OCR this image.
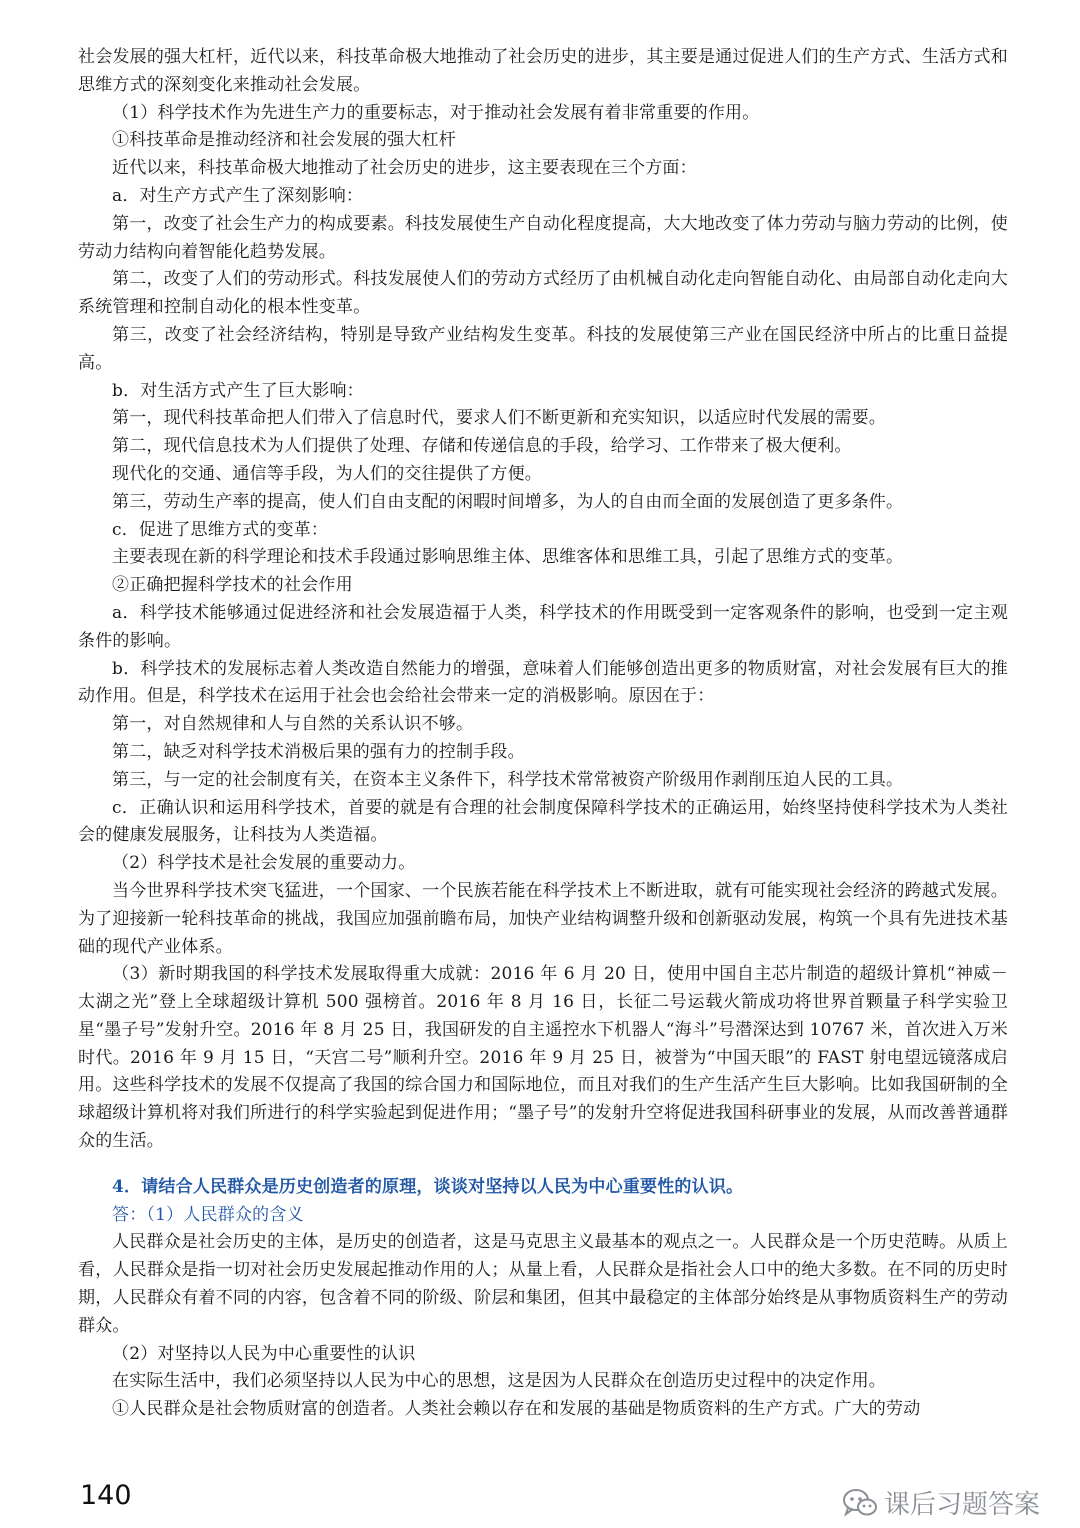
社会发展的强大杠杆，近代以来，科技革命极大地推动了社会历史的进步，其主要是通过促进人们的生产方式、生活方式和思维方式的深刻变化来推动社会发展。

（1）科学技术作为先进生产力的重要标志，对于推动社会发展有着非常重要的作用。

①科技革命是推动经济和社会发展的强大杠杆

近代以来，科技革命极大地推动了社会历史的进步，这主要表现在三个方面：

a．对生产方式产生了深刻影响：

第一，改变了社会生产力的构成要素。科技发展使生产自动化程度提高，大大地改变了体力劳动与脑力劳动的比例，使劳动力结构向着智能化趋势发展。

第二，改变了人们的劳动形式。科技发展使人们的劳动方式经历了由机械自动化走向智能自动化、由局部自动化走向大系统管理和控制自动化的根本性变革。

第三，改变了社会经济结构，特别是导致产业结构发生变革。科技的发展使第三产业在国民经济中所占的比重日益提高。

b．对生活方式产生了巨大影响：

第一，现代科技革命把人们带入了信息时代，要求人们不断更新和充实知识，以适应时代发展的需要。

第二，现代信息技术为人们提供了处理、存储和传递信息的手段，给学习、工作带来了极大便利。

现代化的交通、通信等手段，为人们的交往提供了方便。

第三，劳动生产率的提高，使人们自由支配的闲暇时间增多，为人的自由而全面的发展创造了更多条件。

c．促进了思维方式的变革：

主要表现在新的科学理论和技术手段通过影响思维主体、思维客体和思维工具，引起了思维方式的变革。

②正确把握科学技术的社会作用

a．科学技术能够通过促进经济和社会发展造福于人类，科学技术的作用既受到一定客观条件的影响，也受到一定主观条件的影响。

b．科学技术的发展标志着人类改造自然能力的增强，意味着人们能够创造出更多的物质财富，对社会发展有巨大的推动作用。但是，科学技术在运用于社会也会给社会带来一定的消极影响。原因在于：

第一，对自然规律和人与自然的关系认识不够。

第二，缺乏对科学技术消极后果的强有力的控制手段。

第三，与一定的社会制度有关，在资本主义条件下，科学技术常常被资产阶级用作剥削压迫人民的工具。

c．正确认识和运用科学技术，首要的就是有合理的社会制度保障科学技术的正确运用，始终坚持使科学技术为人类社会的健康发展服务，让科技为人类造福。

（2）科学技术是社会发展的重要动力。

当今世界科学技术突飞猛进，一个国家、一个民族若能在科学技术上不断进取，就有可能实现社会经济的跨越式发展。为了迎接新一轮科技革命的挑战，我国应加强前瞻布局，加快产业结构调整升级和创新驱动发展，构筑一个具有先进技术基础的现代产业体系。

（3）新时期我国的科学技术发展取得重大成就：2016 年 6 月 20 日，使用中国自主芯片制造的超级计算机“神威－太湖之光”登上全球超级计算机 500 强榜首。2016 年 8 月 16 日，长征二号运载火箭成功将世界首颗量子科学实验卫星“墨子号”发射升空。2016 年 8 月 25 日，我国研发的自主遥控水下机器人“海斗”号潜深达到 10767 米，首次进入万米时代。2016 年 9 月 15 日，“天宫二号”顺利升空。2016 年 9 月 25 日，被誉为“中国天眼”的 FAST 射电望远镜落成启用。这些科学技术的发展不仅提高了我国的综合国力和国际地位，而且对我们的生产生活产生巨大影响。比如我国研制的全球超级计算机将对我们所进行的科学实验起到促进作用；“墨子号”的发射升空将促进我国科研事业的发展，从而改善普通群众的生活。

4．请结合人民群众是历史创造者的原理，谈谈对坚持以人民为中心重要性的认识。

答：（1）人民群众的含义

人民群众是社会历史的主体，是历史的创造者，这是马克思主义最基本的观点之一。人民群众是一个历史范畴。从质上看，人民群众是指一切对社会历史发展起推动作用的人；从量上看，人民群众是指社会人口中的绝大多数。在不同的历史时期，人民群众有着不同的内容，包含着不同的阶级、阶层和集团，但其中最稳定的主体部分始终是从事物质资料生产的劳动群众。

（2）对坚持以人民为中心重要性的认识

在实际生活中，我们必须坚持以人民为中心的思想，这是因为人民群众在创造历史过程中的决定作用。

①人民群众是社会物质财富的创造者。人类社会赖以存在和发展的基础是物质资料的生产方式。广大的劳动

140	课后习题答案
